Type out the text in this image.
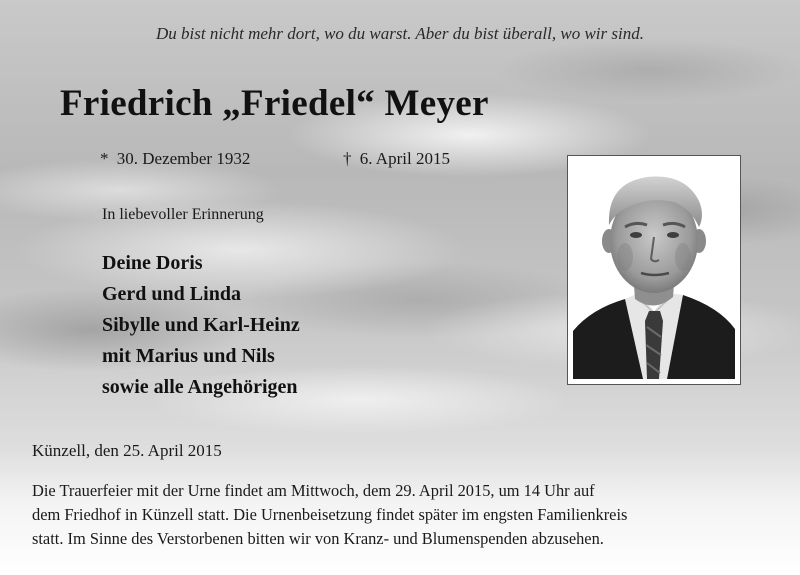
Du bist nicht mehr dort, wo du warst. Aber du bist überall, wo wir sind.
Friedrich „Friedel“ Meyer
* 30. Dezember 1932	† 6. April 2015
In liebevoller Erinnerung
Deine Doris
Gerd und Linda
Sibylle und Karl-Heinz
mit Marius und Nils
sowie alle Angehörigen
Künzell, den 25. April 2015

Die Trauerfeier mit der Urne findet am Mittwoch, dem 29. April 2015, um 14 Uhr auf
dem Friedhof in Künzell statt. Die Urnenbeisetzung findet später im engsten Familienkreis
statt. Im Sinne des Verstorbenen bitten wir von Kranz- und Blumenspenden abzusehen.
